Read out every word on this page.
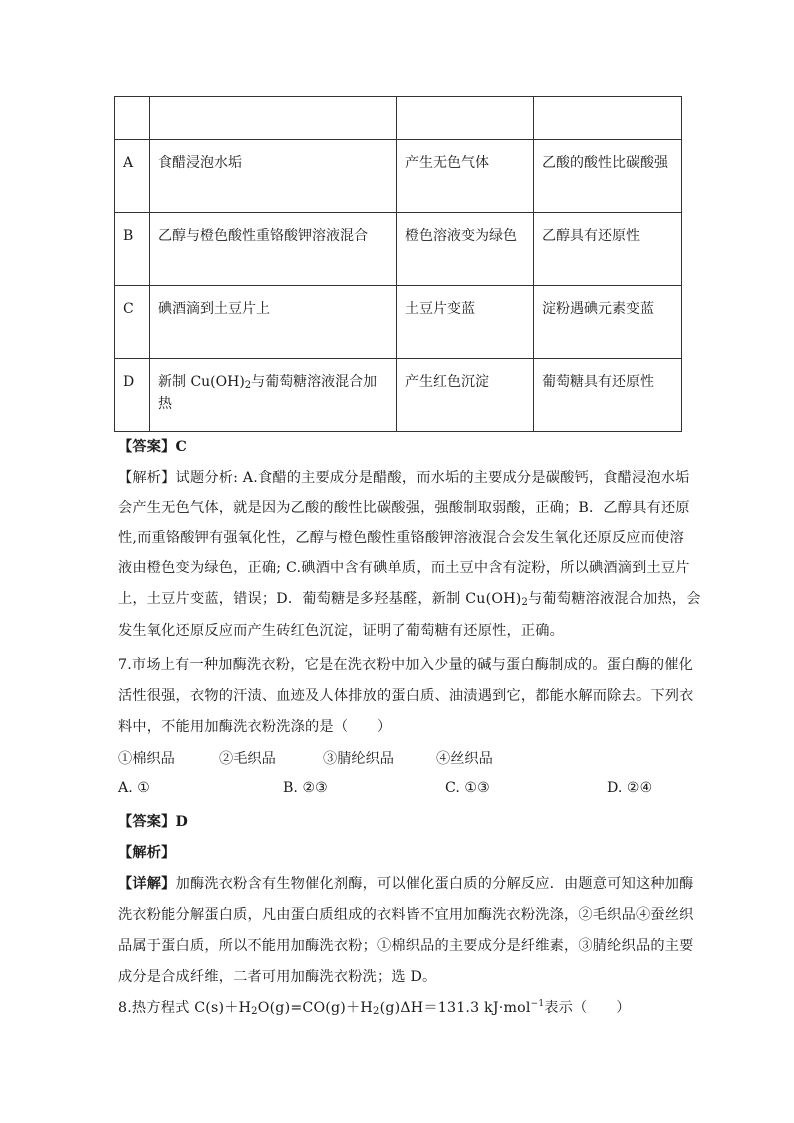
A	食醋浸泡水垢	产生无色气体	乙酸的酸性比碳酸强
B	乙醇与橙色酸性重铬酸钾溶液混合	橙色溶液变为绿色	乙醇具有还原性
C	碘酒滴到土豆片上	土豆片变蓝	淀粉遇碘元素变蓝
D	新制 $Cu(OH)_2$与葡萄糖溶液混合加热	产生红色沉淀	葡萄糖具有还原性
【答案】C
【解析】试题分析: A.食醋的主要成分是醋酸，而水垢的主要成分是碳酸钙，食醋浸泡水垢
会产生无色气体，就是因为乙酸的酸性比碳酸强，强酸制取弱酸，正确；B．乙醇具有还原
性,而重铬酸钾有强氧化性，乙醇与橙色酸性重铬酸钾溶液混合会发生氧化还原反应而使溶
液由橙色变为绿色，正确; C.碘酒中含有碘单质，而土豆中含有淀粉，所以碘酒滴到土豆片
上，土豆片变蓝，错误；D．葡萄糖是多羟基醛，新制 $Cu(OH)_2$与葡萄糖溶液混合加热，会
发生氧化还原反应而产生砖红色沉淀，证明了葡萄糖有还原性，正确。
7.市场上有一种加酶洗衣粉，它是在洗衣粉中加入少量的碱与蛋白酶制成的。蛋白酶的催化
活性很强，衣物的汗渍、血迹及人体排放的蛋白质、油渍遇到它，都能水解而除去。下列衣
料中，不能用加酶洗衣粉洗涤的是（　　）
①棉织品	②毛织品	③腈纶织品	④丝织品
A. ①	B. ②③	C. ①③	D. ②④
【答案】D
【解析】
【详解】加酶洗衣粉含有生物催化剂酶，可以催化蛋白质的分解反应．由题意可知这种加酶
洗衣粉能分解蛋白质，凡由蛋白质组成的衣料皆不宜用加酶洗衣粉洗涤，②毛织品④蚕丝织
品属于蛋白质，所以不能用加酶洗衣粉；①棉织品的主要成分是纤维素，③腈纶织品的主要
成分是合成纤维，二者可用加酶洗衣粉洗；选 D。
8.热方程式 $C(s)+H_2O(g)=CO(g)+H_2(g)\Delta H=131.3$ kJ·mol$^{-1}$表示（　　）
